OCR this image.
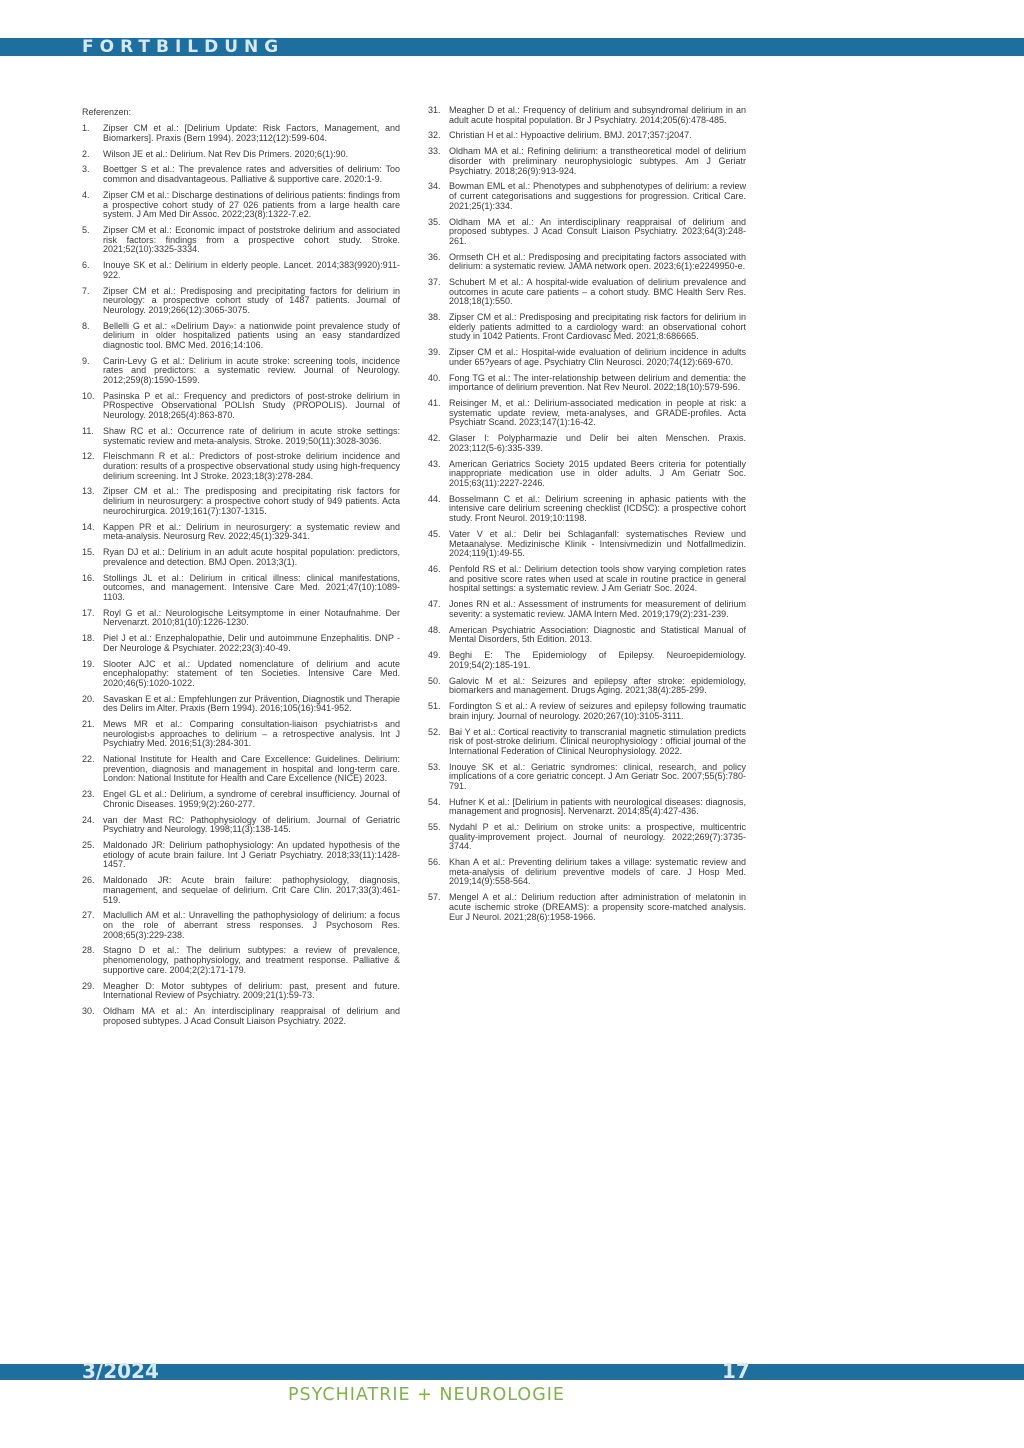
FORTBILDUNG
Referenzen:
1. Zipser CM et al.: [Delirium Update: Risk Factors, Management, and Biomarkers]. Praxis (Bern 1994). 2023;112(12):599-604.
2. Wilson JE et al.: Delirium. Nat Rev Dis Primers. 2020;6(1):90.
3. Boettger S et al.: The prevalence rates and adversities of delirium: Too common and disadvantageous. Palliative & supportive care. 2020:1-9.
4. Zipser CM et al.: Discharge destinations of delirious patients: findings from a prospective cohort study of 27 026 patients from a large health care system. J Am Med Dir Assoc. 2022;23(8):1322-7.e2.
5. Zipser CM et al.: Economic impact of poststroke delirium and associated risk factors: findings from a prospective cohort study. Stroke. 2021;52(10):3325-3334.
6. Inouye SK et al.: Delirium in elderly people. Lancet. 2014;383(9920):911-922.
7. Zipser CM et al.: Predisposing and precipitating factors for delirium in neurology: a prospective cohort study of 1487 patients. Journal of Neurology. 2019;266(12):3065-3075.
8. Bellelli G et al.: «Delirium Day»: a nationwide point prevalence study of delirium in older hospitalized patients using an easy standardized diagnostic tool. BMC Med. 2016;14:106.
9. Carin-Levy G et al.: Delirium in acute stroke: screening tools, incidence rates and predictors: a systematic review. Journal of Neurology. 2012;259(8):1590-1599.
10. Pasinska P et al.: Frequency and predictors of post-stroke delirium in PRospective Observational POLIsh Study (PROPOLIS). Journal of Neurology. 2018;265(4):863-870.
11. Shaw RC et al.: Occurrence rate of delirium in acute stroke settings: systematic review and meta-analysis. Stroke. 2019;50(11):3028-3036.
12. Fleischmann R et al.: Predictors of post-stroke delirium incidence and duration: results of a prospective observational study using high-frequency delirium screening. Int J Stroke. 2023;18(3):278-284.
13. Zipser CM et al.: The predisposing and precipitating risk factors for delirium in neurosurgery: a prospective cohort study of 949 patients. Acta neurochirurgica. 2019;161(7):1307-1315.
14. Kappen PR et al.: Delirium in neurosurgery: a systematic review and meta-analysis. Neurosurg Rev. 2022;45(1):329-341.
15. Ryan DJ et al.: Delirium in an adult acute hospital population: predictors, prevalence and detection. BMJ Open. 2013;3(1).
16. Stollings JL et al.: Delirium in critical illness: clinical manifestations, outcomes, and management. Intensive Care Med. 2021;47(10):1089-1103.
17. Royl G et al.: Neurologische Leitsymptome in einer Notaufnahme. Der Nervenarzt. 2010;81(10):1226-1230.
18. Piel J et al.: Enzephalopathie, Delir und autoimmune Enzephalitis. DNP - Der Neurologe & Psychiater. 2022;23(3):40-49.
19. Slooter AJC et al.: Updated nomenclature of delirium and acute encephalopathy: statement of ten Societies. Intensive Care Med. 2020;46(5):1020-1022.
20. Savaskan E et al.: Empfehlungen zur Prävention, Diagnostik und Therapie des Delirs im Alter. Praxis (Bern 1994). 2016;105(16):941-952.
21. Mews MR et al.: Comparing consultation-liaison psychiatrist›s and neurologist›s approaches to delirium – a retrospective analysis. Int J Psychiatry Med. 2016;51(3):284-301.
22. National Institute for Health and Care Excellence: Guidelines. Delirium: prevention, diagnosis and management in hospital and long-term care. London: National Institute for Health and Care Excellence (NICE) 2023.
23. Engel GL et al.: Delirium, a syndrome of cerebral insufficiency. Journal of Chronic Diseases. 1959;9(2):260-277.
24. van der Mast RC: Pathophysiology of delirium. Journal of Geriatric Psychiatry and Neurology. 1998;11(3):138-145.
25. Maldonado JR: Delirium pathophysiology: An updated hypothesis of the etiology of acute brain failure. Int J Geriatr Psychiatry. 2018;33(11):1428-1457.
26. Maldonado JR: Acute brain failure: pathophysiology, diagnosis, management, and sequelae of delirium. Crit Care Clin. 2017;33(3):461-519.
27. Maclullich AM et al.: Unravelling the pathophysiology of delirium: a focus on the role of aberrant stress responses. J Psychosom Res. 2008;65(3):229-238.
28. Stagno D et al.: The delirium subtypes: a review of prevalence, phenomenology, pathophysiology, and treatment response. Palliative & supportive care. 2004;2(2):171-179.
29. Meagher D: Motor subtypes of delirium: past, present and future. International Review of Psychiatry. 2009;21(1):59-73.
30. Oldham MA et al.: An interdisciplinary reappraisal of delirium and proposed subtypes. J Acad Consult Liaison Psychiatry. 2022.
31. Meagher D et al.: Frequency of delirium and subsyndromal delirium in an adult acute hospital population. Br J Psychiatry. 2014;205(6):478-485.
32. Christian H et al.: Hypoactive delirium. BMJ. 2017;357:j2047.
33. Oldham MA et al.: Refining delirium: a transtheoretical model of delirium disorder with preliminary neurophysiologic subtypes. Am J Geriatr Psychiatry. 2018;26(9):913-924.
34. Bowman EML et al.: Phenotypes and subphenotypes of delirium: a review of current categorisations and suggestions for progression. Critical Care. 2021;25(1):334.
35. Oldham MA et al.: An interdisciplinary reappraisal of delirium and proposed subtypes. J Acad Consult Liaison Psychiatry. 2023;64(3):248-261.
36. Ormseth CH et al.: Predisposing and precipitating factors associated with delirium: a systematic review. JAMA network open. 2023;6(1):e2249950-e.
37. Schubert M et al.: A hospital-wide evaluation of delirium prevalence and outcomes in acute care patients – a cohort study. BMC Health Serv Res. 2018;18(1):550.
38. Zipser CM et al.: Predisposing and precipitating risk factors for delirium in elderly patients admitted to a cardiology ward: an observational cohort study in 1042 Patients. Front Cardiovasc Med. 2021;8:686665.
39. Zipser CM et al.: Hospital-wide evaluation of delirium incidence in adults under 65?years of age. Psychiatry Clin Neurosci. 2020;74(12):669-670.
40. Fong TG et al.: The inter-relationship between delirium and dementia: the importance of delirium prevention. Nat Rev Neurol. 2022;18(10):579-596.
41. Reisinger M, et al.: Delirium-associated medication in people at risk: a systematic update review, meta-analyses, and GRADE-profiles. Acta Psychiatr Scand. 2023;147(1):16-42.
42. Glaser I: Polypharmazie und Delir bei alten Menschen. Praxis. 2023;112(5-6):335-339.
43. American Geriatrics Society 2015 updated Beers criteria for potentially inappropriate medication use in older adults. J Am Geriatr Soc. 2015;63(11):2227-2246.
44. Bosselmann C et al.: Delirium screening in aphasic patients with the intensive care delirium screening checklist (ICDSC): a prospective cohort study. Front Neurol. 2019;10:1198.
45. Vater V et al.: Delir bei Schlaganfall: systematisches Review und Metaanalyse. Medizinische Klinik - Intensivmedizin und Notfallmedizin. 2024;119(1):49-55.
46. Penfold RS et al.: Delirium detection tools show varying completion rates and positive score rates when used at scale in routine practice in general hospital settings: a systematic review. J Am Geriatr Soc. 2024.
47. Jones RN et al.: Assessment of instruments for measurement of delirium severity: a systematic review. JAMA Intern Med. 2019;179(2):231-239.
48. American Psychiatric Association: Diagnostic and Statistical Manual of Mental Disorders, 5th Edition. 2013.
49. Beghi E: The Epidemiology of Epilepsy. Neuroepidemiology. 2019;54(2):185-191.
50. Galovic M et al.: Seizures and epilepsy after stroke: epidemiology, biomarkers and management. Drugs Aging. 2021;38(4):285-299.
51. Fordington S et al.: A review of seizures and epilepsy following traumatic brain injury. Journal of neurology. 2020;267(10):3105-3111.
52. Bai Y et al.: Cortical reactivity to transcranial magnetic stimulation predicts risk of post-stroke delirium. Clinical neurophysiology : official journal of the International Federation of Clinical Neurophysiology. 2022.
53. Inouye SK et al.: Geriatric syndromes: clinical, research, and policy implications of a core geriatric concept. J Am Geriatr Soc. 2007;55(5):780-791.
54. Hufner K et al.: [Delirium in patients with neurological diseases: diagnosis, management and prognosis]. Nervenarzt. 2014;85(4):427-436.
55. Nydahl P et al.: Delirium on stroke units: a prospective, multicentric quality-improvement project. Journal of neurology. 2022;269(7):3735-3744.
56. Khan A et al.: Preventing delirium takes a village: systematic review and meta-analysis of delirium preventive models of care. J Hosp Med. 2019;14(9):558-564.
57. Mengel A et al.: Delirium reduction after administration of melatonin in acute ischemic stroke (DREAMS): a propensity score-matched analysis. Eur J Neurol. 2021;28(6):1958-1966.
3/2024	17
PSYCHIATRIE + NEUROLOGIE
